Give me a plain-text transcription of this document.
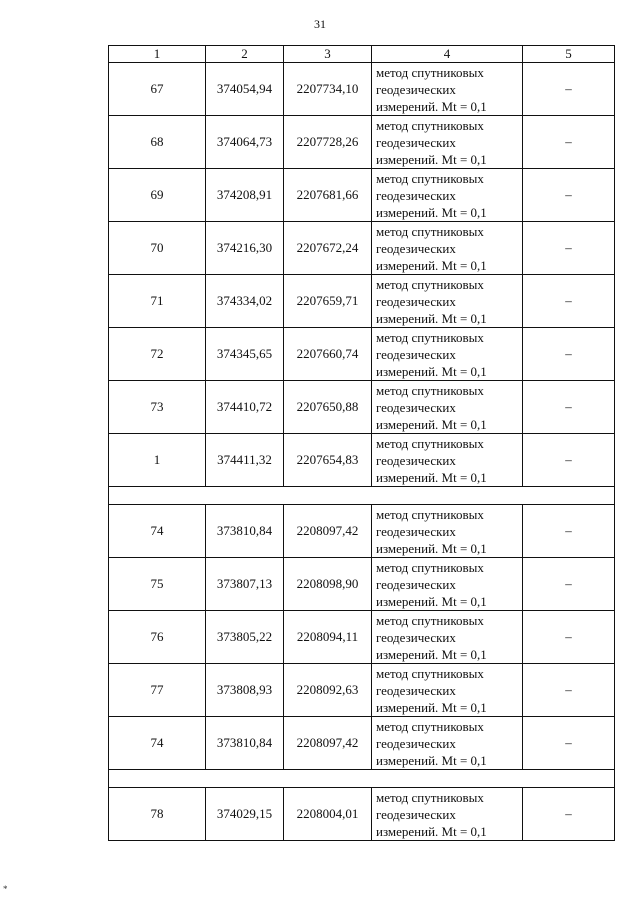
31
1	2	3	4	5
67	374054,94	2207734,10	метод спутниковых
геодезических
измерений. Mt = 0,1	–
68	374064,73	2207728,26	метод спутниковых
геодезических
измерений. Mt = 0,1	–
69	374208,91	2207681,66	метод спутниковых
геодезических
измерений. Mt = 0,1	–
70	374216,30	2207672,24	метод спутниковых
геодезических
измерений. Mt = 0,1	–
71	374334,02	2207659,71	метод спутниковых
геодезических
измерений. Mt = 0,1	–
72	374345,65	2207660,74	метод спутниковых
геодезических
измерений. Mt = 0,1	–
73	374410,72	2207650,88	метод спутниковых
геодезических
измерений. Mt = 0,1	–
1	374411,32	2207654,83	метод спутниковых
геодезических
измерений. Mt = 0,1	–

74	373810,84	2208097,42	метод спутниковых
геодезических
измерений. Mt = 0,1	–
75	373807,13	2208098,90	метод спутниковых
геодезических
измерений. Mt = 0,1	–
76	373805,22	2208094,11	метод спутниковых
геодезических
измерений. Mt = 0,1	–
77	373808,93	2208092,63	метод спутниковых
геодезических
измерений. Mt = 0,1	–
74	373810,84	2208097,42	метод спутниковых
геодезических
измерений. Mt = 0,1	–

78	374029,15	2208004,01	метод спутниковых
геодезических
измерений. Mt = 0,1	–
*
